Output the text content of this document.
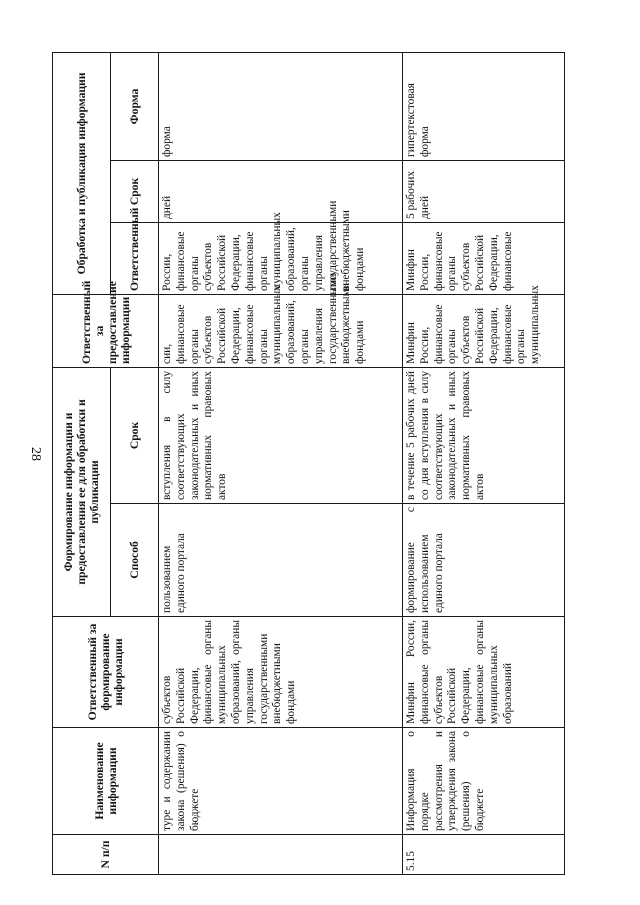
28
N п/п	Наименование информации	Ответственный за формирование информации	Формирование информации и предоставления ее для обработки и публикации		Ответственный за предоставление информации	Обработка и публикация информации		
			Способ	Срок		Ответственный	Срок	Форма
	туре и содержании закона (решения) о бюджете	субъектов Российской Федерации, финансовые органы муниципальных образований, органы управления государственными внебюджетными фондами	пользованием единого портала	вступления в силу соответствующих законодательных и иных нормативных правовых актов	сии, финансовые органы субъектов Российской Федерации, финансовые органы муниципальных образований, органы управления государственными внебюджетными фондами	России, финансовые органы субъектов Российской Федерации, финансовые органы муниципальных образований, органы управления государственными внебюджетными фондами	дней	форма
5.15	Информация о порядке рассмотрения и утверждения закона (решения) о бюджете	Минфин России, финансовые органы субъектов Российской Федерации, финансовые органы муниципальных образований	формирование с использованием единого портала	в течение 5 рабочих дней со дня вступления в силу соответствующих законодательных и иных нормативных правовых актов	Минфин России, финансовые органы субъектов Российской Федерации, финансовые органы муниципальных	Минфин России, финансовые органы субъектов Российской Федерации, финансовые	5 рабочих дней	гипертекстовая форма
